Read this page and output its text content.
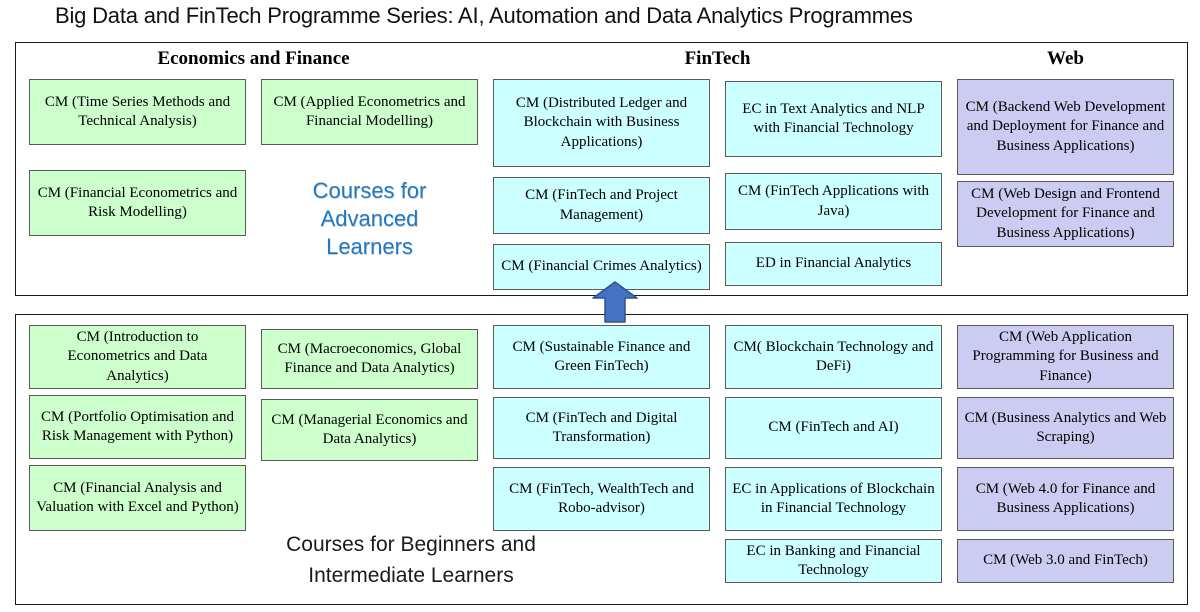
Big Data and FinTech Programme Series: AI, Automation and Data Analytics Programmes
Economics and Finance	FinTech	Web
CM (Time Series Methods and Technical Analysis)
CM (Financial Econometrics and Risk Modelling)
CM (Applied Econometrics and Financial Modelling)
Courses for Advanced Learners
CM (Distributed Ledger and Blockchain with Business Applications)
CM (FinTech and Project Management)
CM (Financial Crimes Analytics)
EC in Text Analytics and NLP with Financial Technology
CM (FinTech Applications with Java)
ED in Financial Analytics
CM (Backend Web Development and Deployment for Finance and Business Applications)
CM (Web Design and Frontend Development for Finance and Business Applications)
CM (Introduction to Econometrics and Data Analytics)
CM (Portfolio Optimisation and Risk Management with Python)
CM (Financial Analysis and Valuation with Excel and Python)
CM (Macroeconomics, Global Finance and Data Analytics)
CM (Managerial Economics and Data Analytics)
CM (Sustainable Finance and Green FinTech)
CM (FinTech and Digital Transformation)
CM (FinTech, WealthTech and Robo-advisor)
CM( Blockchain Technology and DeFi)
CM (FinTech and AI)
EC in Applications of Blockchain in Financial Technology
EC in Banking and Financial Technology
CM (Web Application Programming for Business and Finance)
CM (Business Analytics and Web Scraping)
CM (Web 4.0 for Finance and Business Applications)
CM (Web 3.0 and FinTech)
Courses for Beginners and Intermediate Learners
